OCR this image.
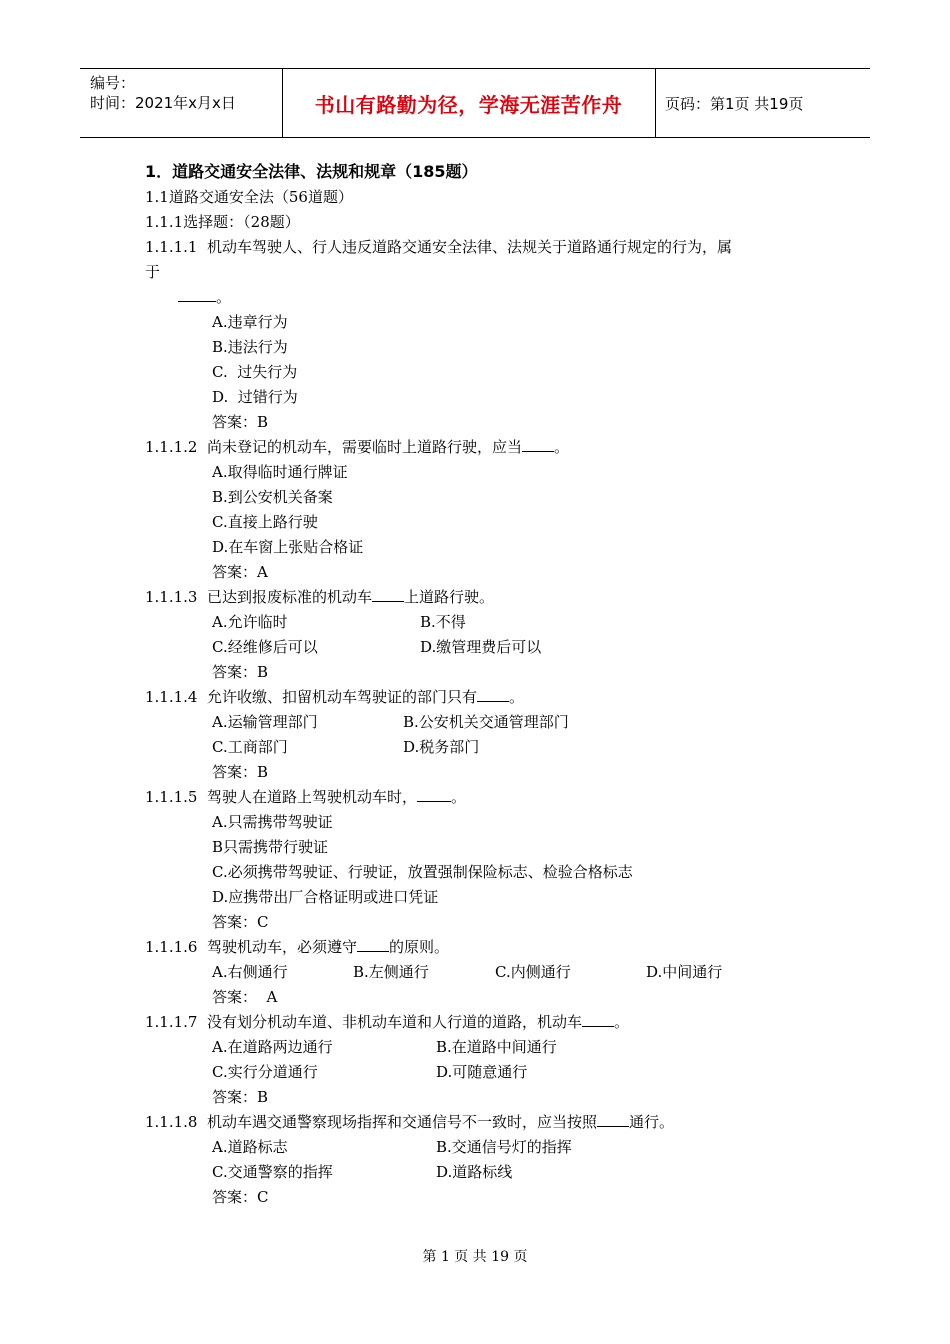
编号：
时间：2021年x月x日	书山有路勤为径，学海无涯苦作舟	页码：第1页 共19页
1．道路交通安全法律、法规和规章（185题）
1.1道路交通安全法（56道题）
1.1.1选择题：（28题）
1.1.1.1  机动车驾驶人、行人违反道路交通安全法律、法规关于道路通行规定的行为，属
于
。
A.违章行为
B.违法行为
C.  过失行为
D.  过错行为
答案：B
1.1.1.2  尚未登记的机动车，需要临时上道路行驶，应当 。
A.取得临时通行牌证
B.到公安机关备案
C.直接上路行驶
D.在车窗上张贴合格证
答案：A
1.1.1.3  已达到报废标准的机动车 上道路行驶。
A.允许临时	B.不得
C.经维修后可以	D.缴管理费后可以
答案：B
1.1.1.4  允许收缴、扣留机动车驾驶证的部门只有 。
A.运输管理部门	B.公安机关交通管理部门
C.工商部门	D.税务部门
答案：B
1.1.1.5  驾驶人在道路上驾驶机动车时， 。
A.只需携带驾驶证
B只需携带行驶证
C.必须携带驾驶证、行驶证，放置强制保险标志、检验合格标志
D.应携带出厂合格证明或进口凭证
答案：C
1.1.1.6  驾驶机动车，必须遵守 的原则。
A.右侧通行	B.左侧通行	C.内侧通行	D.中间通行
答案：  A
1.1.1.7  没有划分机动车道、非机动车道和人行道的道路，机动车 。
A.在道路两边通行	B.在道路中间通行
C.实行分道通行	D.可随意通行
答案：B
1.1.1.8  机动车遇交通警察现场指挥和交通信号不一致时，应当按照 通行。
A.道路标志	B.交通信号灯的指挥
C.交通警察的指挥	D.道路标线
答案：C
第 1 页 共 19 页
